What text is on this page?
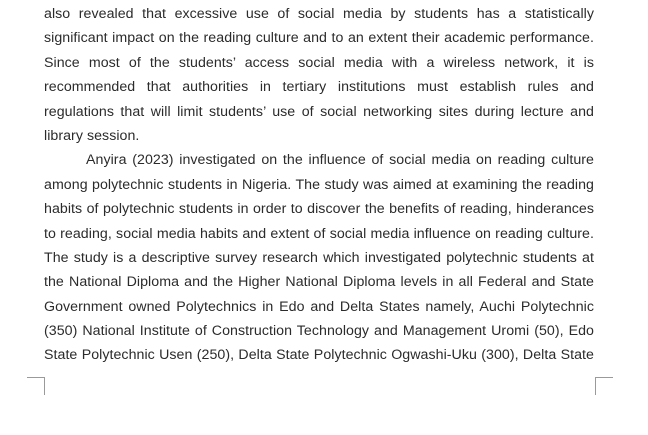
also revealed that excessive use of social media by students has a statistically
significant impact on the reading culture and to an extent their academic performance.
Since most of the students’ access social media with a wireless network, it is
recommended that authorities in tertiary institutions must establish rules and
regulations that will limit students’ use of social networking sites during lecture and
library session.
Anyira (2023) investigated on the influence of social media on reading culture
among polytechnic students in Nigeria. The study was aimed at examining the reading
habits of polytechnic students in order to discover the benefits of reading, hinderances
to reading, social media habits and extent of social media influence on reading culture.
The study is a descriptive survey research which investigated polytechnic students at
the National Diploma and the Higher National Diploma levels in all Federal and State
Government owned Polytechnics in Edo and Delta States namely, Auchi Polytechnic
(350) National Institute of Construction Technology and Management Uromi (50), Edo
State Polytechnic Usen (250), Delta State Polytechnic Ogwashi-Uku (300), Delta State
